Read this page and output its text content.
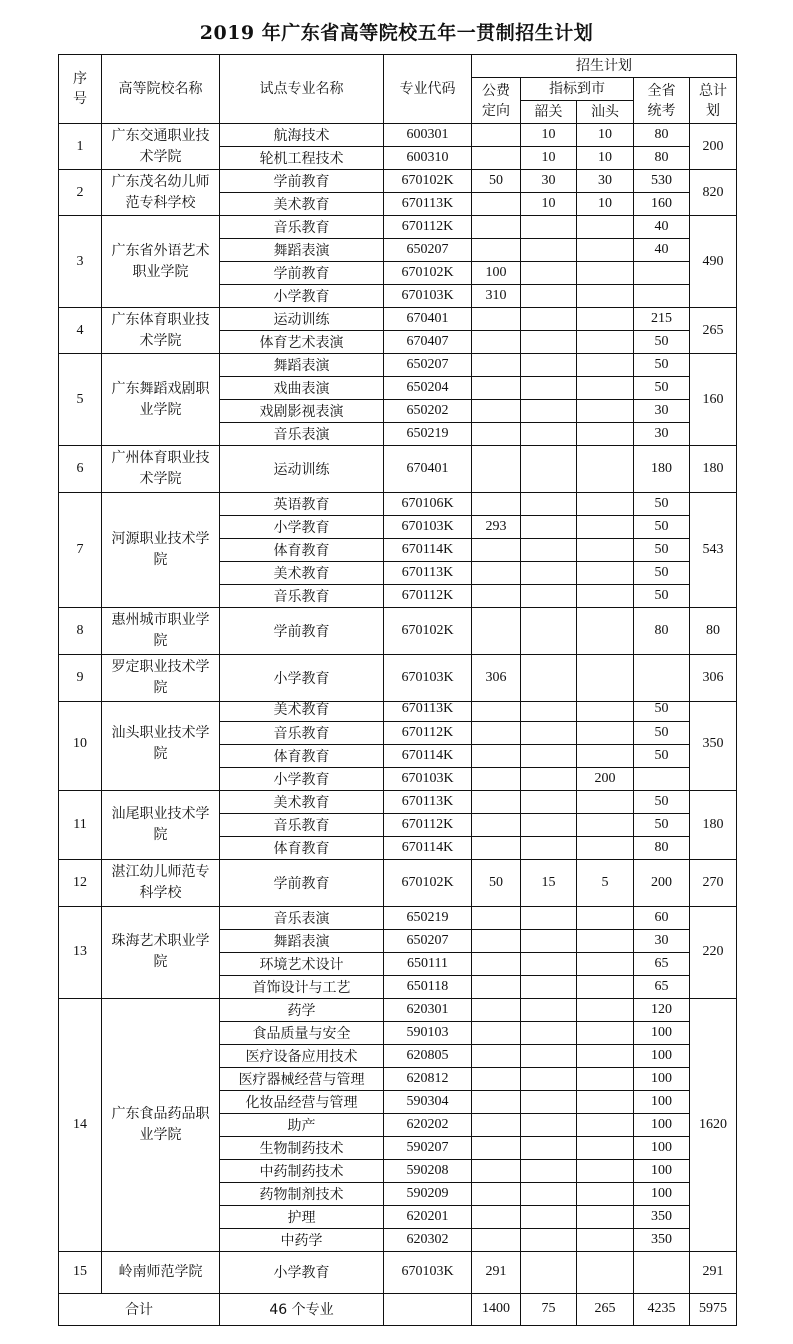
2019 年广东省高等院校五年一贯制招生计划
序号	高等院校名称	试点专业名称	专业代码	招生计划				
				公费定向	指标到市		全省统考	总计划
					韶关	汕头		
1	广东交通职业技术学院	航海技术	600301		10	10	80	200
		轮机工程技术	600310		10	10	80	
2	广东茂名幼儿师范专科学校	学前教育	670102K	50	30	30	530	820
		美术教育	670113K		10	10	160	
3	广东省外语艺术职业学院	音乐教育	670112K				40	490
		舞蹈表演	650207				40	
		学前教育	670102K	100				
		小学教育	670103K	310				
4	广东体育职业技术学院	运动训练	670401				215	265
		体育艺术表演	670407				50	
5	广东舞蹈戏剧职业学院	舞蹈表演	650207				50	160
		戏曲表演	650204				50	
		戏剧影视表演	650202				30	
		音乐表演	650219				30	
6	广州体育职业技术学院	运动训练	670401				180	180
7	河源职业技术学院	英语教育	670106K				50	543
		小学教育	670103K	293			50	
		体育教育	670114K				50	
		美术教育	670113K				50	
		音乐教育	670112K				50	
8	惠州城市职业学院	学前教育	670102K				80	80
9	罗定职业技术学院	小学教育	670103K	306				306
10	汕头职业技术学院	美术教育	670113K				50	350
		音乐教育	670112K				50	
		体育教育	670114K				50	
		小学教育	670103K			200		
11	汕尾职业技术学院	美术教育	670113K				50	180
		音乐教育	670112K				50	
		体育教育	670114K				80	
12	湛江幼儿师范专科学校	学前教育	670102K	50	15	5	200	270
13	珠海艺术职业学院	音乐表演	650219				60	220
		舞蹈表演	650207				30	
		环境艺术设计	650111				65	
		首饰设计与工艺	650118				65	
14	广东食品药品职业学院	药学	620301				120	1620
		食品质量与安全	590103				100	
		医疗设备应用技术	620805				100	
		医疗器械经营与管理	620812				100	
		化妆品经营与管理	590304				100	
		助产	620202				100	
		生物制药技术	590207				100	
		中药制药技术	590208				100	
		药物制剂技术	590209				100	
		护理	620201				350	
		中药学	620302				350	
15	岭南师范学院	小学教育	670103K	291				291
合计		46 个专业		1400	75	265	4235	5975
